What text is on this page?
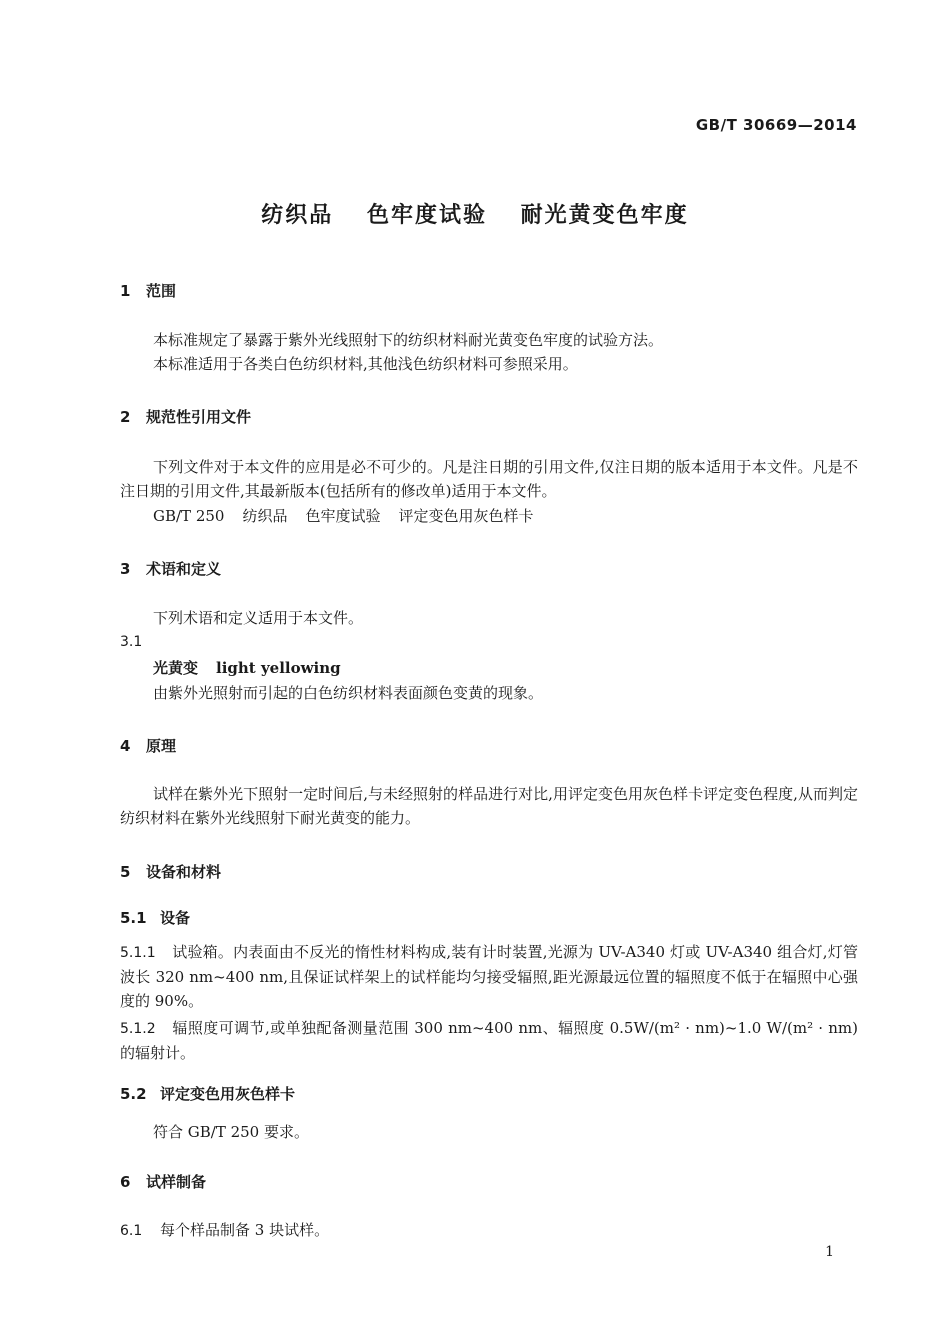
GB/T 30669—2014
纺织品 色牢度试验 耐光黄变色牢度
1 范围
本标准规定了暴露于紫外光线照射下的纺织材料耐光黄变色牢度的试验方法。
本标准适用于各类白色纺织材料,其他浅色纺织材料可参照采用。
2 规范性引用文件
下列文件对于本文件的应用是必不可少的。凡是注日期的引用文件,仅注日期的版本适用于本文件。凡是不注日期的引用文件,其最新版本(包括所有的修改单)适用于本文件。
GB/T 250 纺织品 色牢度试验 评定变色用灰色样卡
3 术语和定义
下列术语和定义适用于本文件。
3.1
光黄变 light yellowing
由紫外光照射而引起的白色纺织材料表面颜色变黄的现象。
4 原理
试样在紫外光下照射一定时间后,与未经照射的样品进行对比,用评定变色用灰色样卡评定变色程度,从而判定纺织材料在紫外光线照射下耐光黄变的能力。
5 设备和材料
5.1 设备
5.1.1 试验箱。内表面由不反光的惰性材料构成,装有计时装置,光源为 UV-A340 灯或 UV-A340 组合灯,灯管波长 320 nm~400 nm,且保证试样架上的试样能均匀接受辐照,距光源最远位置的辐照度不低于在辐照中心强度的 90%。
5.1.2 辐照度可调节,或单独配备测量范围 300 nm~400 nm、辐照度 0.5W/(m² · nm)~1.0 W/(m² · nm)的辐射计。
5.2 评定变色用灰色样卡
符合 GB/T 250 要求。
6 试样制备
6.1 每个样品制备 3 块试样。
1
